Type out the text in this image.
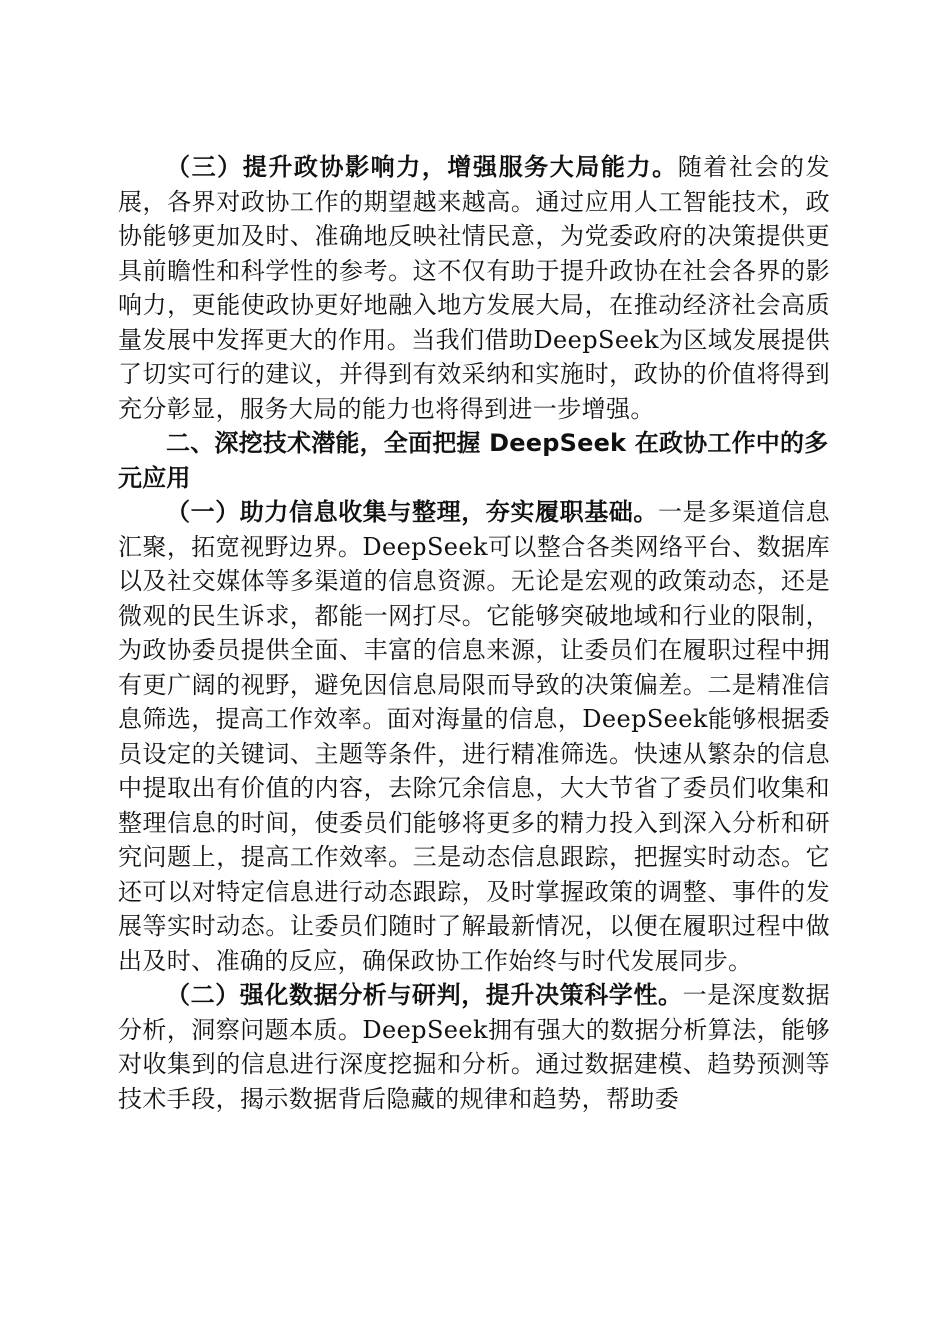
（三）提升政协影响力，增强服务大局能力。随着社会的发展，各界对政协工作的期望越来越高。通过应用人工智能技术，政协能够更加及时、准确地反映社情民意，为党委政府的决策提供更具前瞻性和科学性的参考。这不仅有助于提升政协在社会各界的影响力，更能使政协更好地融入地方发展大局，在推动经济社会高质量发展中发挥更大的作用。当我们借助DeepSeek为区域发展提供了切实可行的建议，并得到有效采纳和实施时，政协的价值将得到充分彰显，服务大局的能力也将得到进一步增强。

二、深挖技术潜能，全面把握 DeepSeek 在政协工作中的多元应用

（一）助力信息收集与整理，夯实履职基础。一是多渠道信息汇聚，拓宽视野边界。DeepSeek可以整合各类网络平台、数据库以及社交媒体等多渠道的信息资源。无论是宏观的政策动态，还是微观的民生诉求，都能一网打尽。它能够突破地域和行业的限制，为政协委员提供全面、丰富的信息来源，让委员们在履职过程中拥有更广阔的视野，避免因信息局限而导致的决策偏差。二是精准信息筛选，提高工作效率。面对海量的信息，DeepSeek能够根据委员设定的关键词、主题等条件，进行精准筛选。快速从繁杂的信息中提取出有价值的内容，去除冗余信息，大大节省了委员们收集和整理信息的时间，使委员们能够将更多的精力投入到深入分析和研究问题上，提高工作效率。三是动态信息跟踪，把握实时动态。它还可以对特定信息进行动态跟踪，及时掌握政策的调整、事件的发展等实时动态。让委员们随时了解最新情况，以便在履职过程中做出及时、准确的反应，确保政协工作始终与时代发展同步。

（二）强化数据分析与研判，提升决策科学性。一是深度数据分析，洞察问题本质。DeepSeek拥有强大的数据分析算法，能够对收集到的信息进行深度挖掘和分析。通过数据建模、趋势预测等技术手段，揭示数据背后隐藏的规律和趋势，帮助委
